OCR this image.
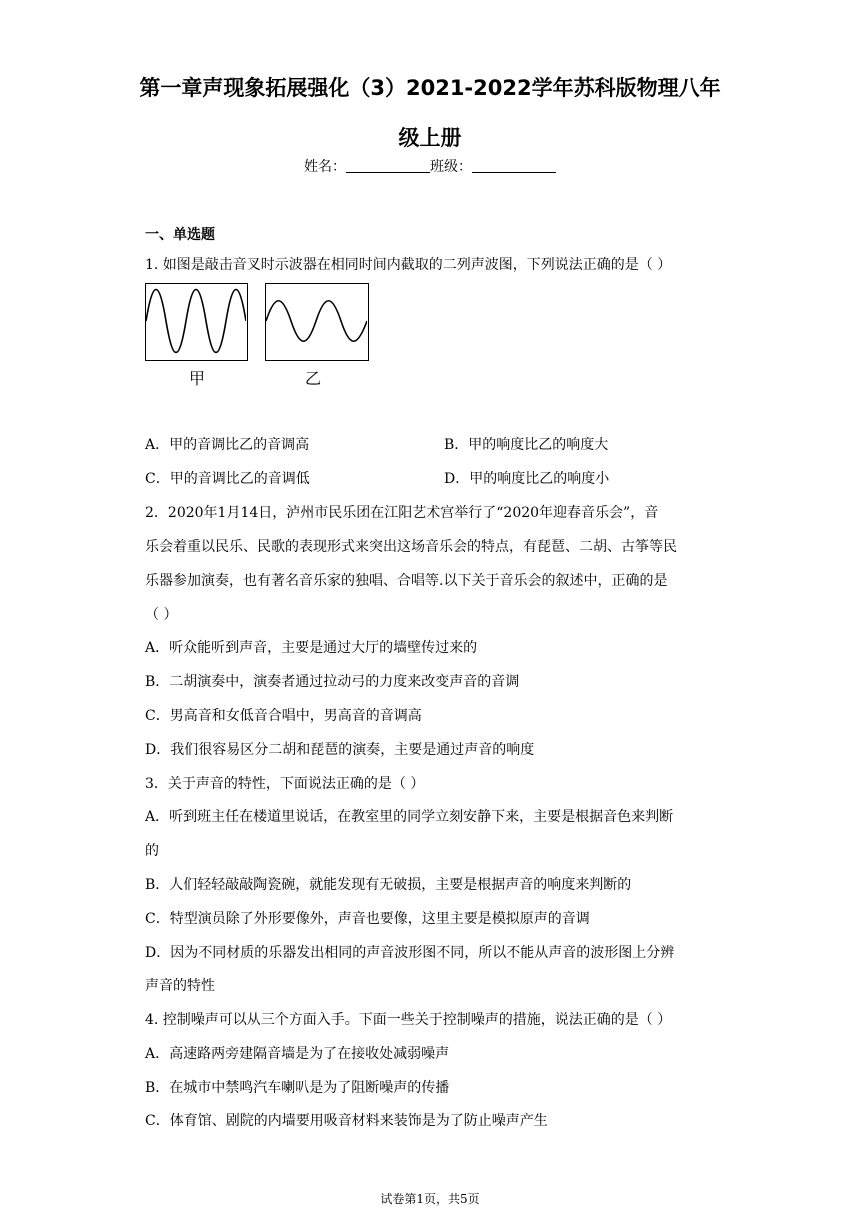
第一章声现象拓展强化（3）2021-2022学年苏科版物理八年
级上册
姓名：	班级：
一、单选题
1. 如图是敲击音叉时示波器在相同时间内截取的二列声波图，下列说法正确的是（ ）
甲	乙
A．甲的音调比乙的音调高	B．甲的响度比乙的响度大
C．甲的音调比乙的音调低	D．甲的响度比乙的响度小
2．2020年1月14日，泸州市民乐团在江阳艺术宫举行了“2020年迎春音乐会”，音
乐会着重以民乐、民歌的表现形式来突出这场音乐会的特点，有琵琶、二胡、古筝等民
乐器参加演奏，也有著名音乐家的独唱、合唱等.以下关于音乐会的叙述中，正确的是
（ ）
A．听众能听到声音，主要是通过大厅的墙壁传过来的
B．二胡演奏中，演奏者通过拉动弓的力度来改变声音的音调
C．男高音和女低音合唱中，男高音的音调高
D．我们很容易区分二胡和琵琶的演奏，主要是通过声音的响度
3．关于声音的特性，下面说法正确的是（ ）
A．听到班主任在楼道里说话，在教室里的同学立刻安静下来，主要是根据音色来判断
的
B．人们轻轻敲敲陶瓷碗，就能发现有无破损，主要是根据声音的响度来判断的
C．特型演员除了外形要像外，声音也要像，这里主要是模拟原声的音调
D．因为不同材质的乐器发出相同的声音波形图不同，所以不能从声音的波形图上分辨
声音的特性
4. 控制噪声可以从三个方面入手。下面一些关于控制噪声的措施，说法正确的是（ ）
A．高速路两旁建隔音墙是为了在接收处减弱噪声
B．在城市中禁鸣汽车喇叭是为了阻断噪声的传播
C．体育馆、剧院的内墙要用吸音材料来装饰是为了防止噪声产生
试卷第1页，共5页
